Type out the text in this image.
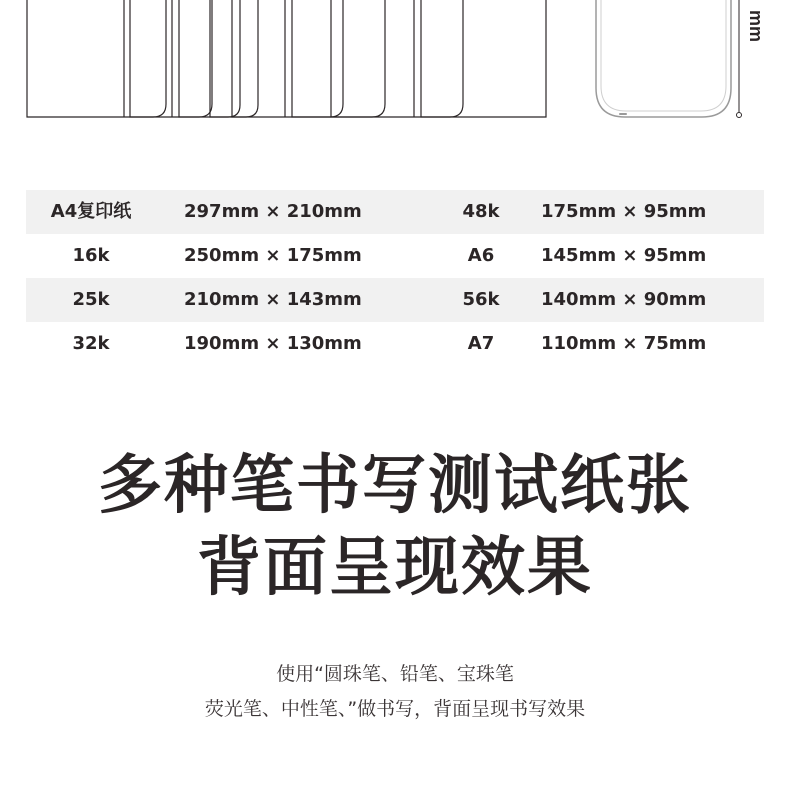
mm
A4复印纸	297mm × 210mm	48k	175mm × 95mm
16k	250mm × 175mm	A6	145mm × 95mm
25k	210mm × 143mm	56k	140mm × 90mm
32k	190mm × 130mm	A7	110mm × 75mm
多种笔书写测试纸张
背面呈现效果
使用“圆珠笔、铅笔、宝珠笔
荧光笔、中性笔、”做书写，背面呈现书写效果
